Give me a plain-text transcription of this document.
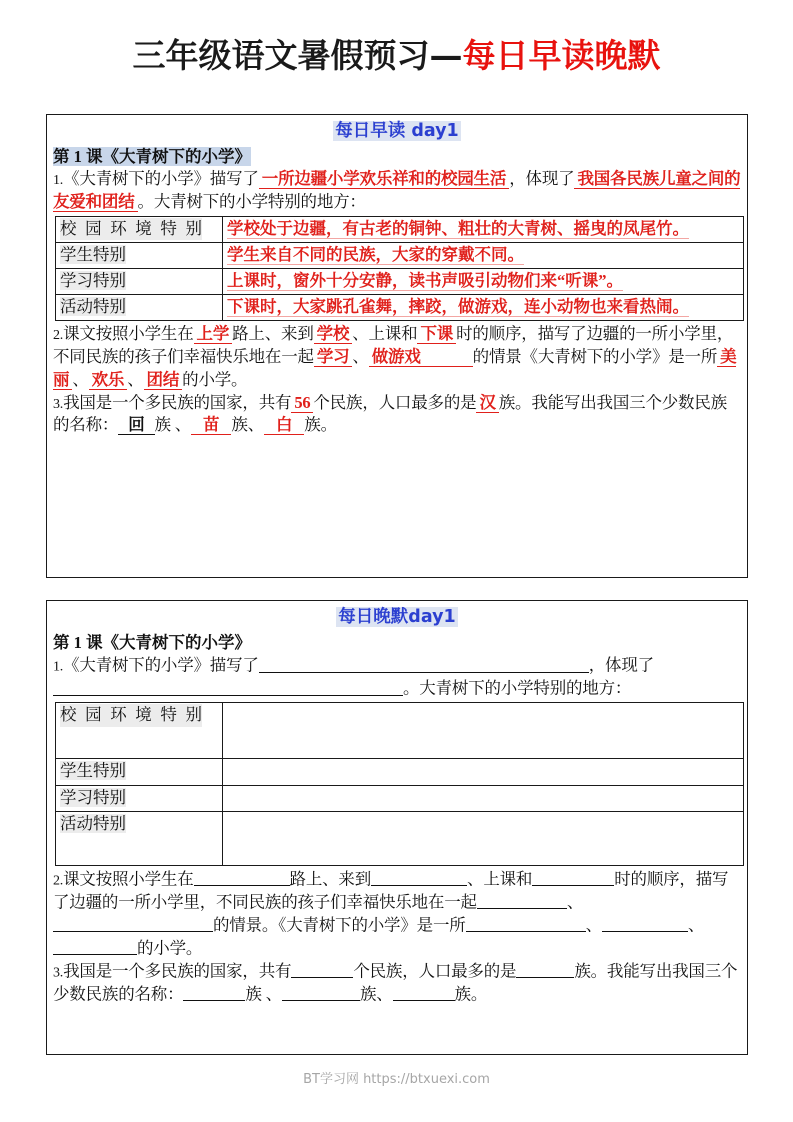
三年级语文暑假预习—每日早读晚默
每日早读 day1
第 1 课《大青树下的小学》
1.《大青树下的小学》描写了 一所边疆小学欢乐祥和的校园生活 ，体现了 我国各民族儿童之间的友爱和团结 。大青树下的小学特别的地方：
校园环境特别	学校处于边疆，有古老的铜钟、粗壮的大青树、摇曳的凤尾竹。
学生特别	学生来自不同的民族，大家的穿戴不同。
学习特别	上课时，窗外十分安静，读书声吸引动物们来“听课”。
活动特别	下课时，大家跳孔雀舞，摔跤，做游戏，连小动物也来看热闹。
2.课文按照小学生在 上学 路上、来到 学校 、上课和 下课 时的顺序，描写了边疆的一所小学里，不同民族的孩子们幸福快乐地在一起 学习 、 做游戏	的情景《大青树下的小学》是一所 美丽 、 欢乐 、 团结 的小学。
3.我国是一个多民族的国家，共有 56 个民族，人口最多的是 汉 族。我能写出我国三个少数民族的名称： 回 族 、 苗 族、 白 族。
每日晚默day1
第 1 课《大青树下的小学》
1.《大青树下的小学》描写了	，体现了。大青树下的小学特别的地方：
校园环境特别	

学生特别	
学习特别	
活动特别	
2.课文按照小学生在	路上、来到	、上课和	时的顺序，描写了边疆的一所小学里，不同民族的孩子们幸福快乐地在一起	、的情景。《大青树下的小学》是一所	、	、的小学。
3.我国是一个多民族的国家，共有	个民族，人口最多的是	族。我能写出我国三个少数民族的名称：	族 、	族、	族。
BT学习网 https://btxuexi.com
